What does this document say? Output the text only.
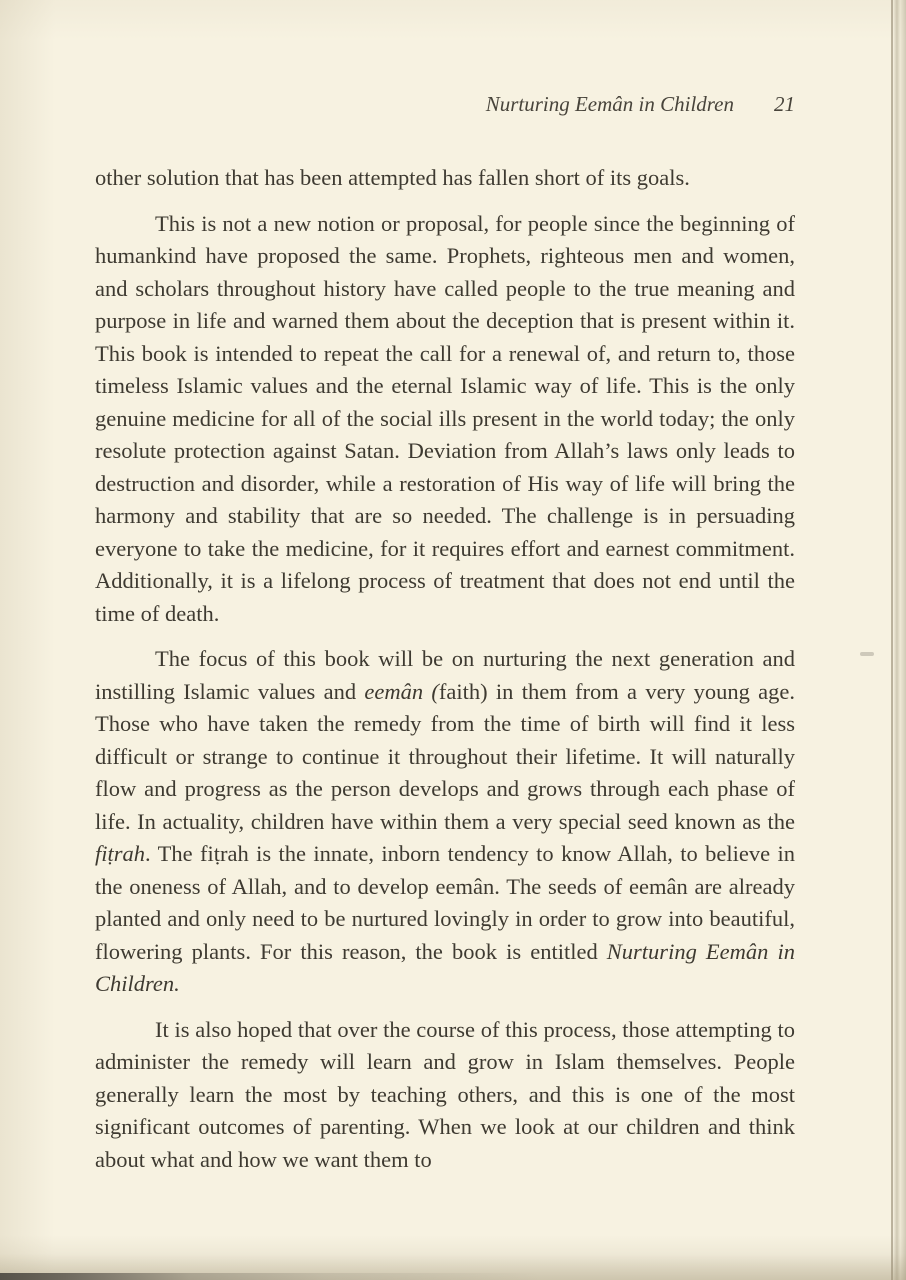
Nurturing Eemân in Children 21

other solution that has been attempted has fallen short of its goals.

This is not a new notion or proposal, for people since the beginning of humankind have proposed the same. Prophets, righteous men and women, and scholars throughout history have called people to the true meaning and purpose in life and warned them about the deception that is present within it. This book is intended to repeat the call for a renewal of, and return to, those timeless Islamic values and the eternal Islamic way of life. This is the only genuine medicine for all of the social ills present in the world today; the only resolute protection against Satan. Deviation from Allah’s laws only leads to destruction and disorder, while a restoration of His way of life will bring the harmony and stability that are so needed. The challenge is in persuading everyone to take the medicine, for it requires effort and earnest commitment. Additionally, it is a lifelong process of treatment that does not end until the time of death.

The focus of this book will be on nurturing the next generation and instilling Islamic values and eemân (faith) in them from a very young age. Those who have taken the remedy from the time of birth will find it less difficult or strange to continue it throughout their lifetime. It will naturally flow and progress as the person develops and grows through each phase of life. In actuality, children have within them a very special seed known as the fiṭrah. The fiṭrah is the innate, inborn tendency to know Allah, to believe in the oneness of Allah, and to develop eemân. The seeds of eemân are already planted and only need to be nurtured lovingly in order to grow into beautiful, flowering plants. For this reason, the book is entitled Nurturing Eemân in Children.

It is also hoped that over the course of this process, those attempting to administer the remedy will learn and grow in Islam themselves. People generally learn the most by teaching others, and this is one of the most significant outcomes of parenting. When we look at our children and think about what and how we want them to
